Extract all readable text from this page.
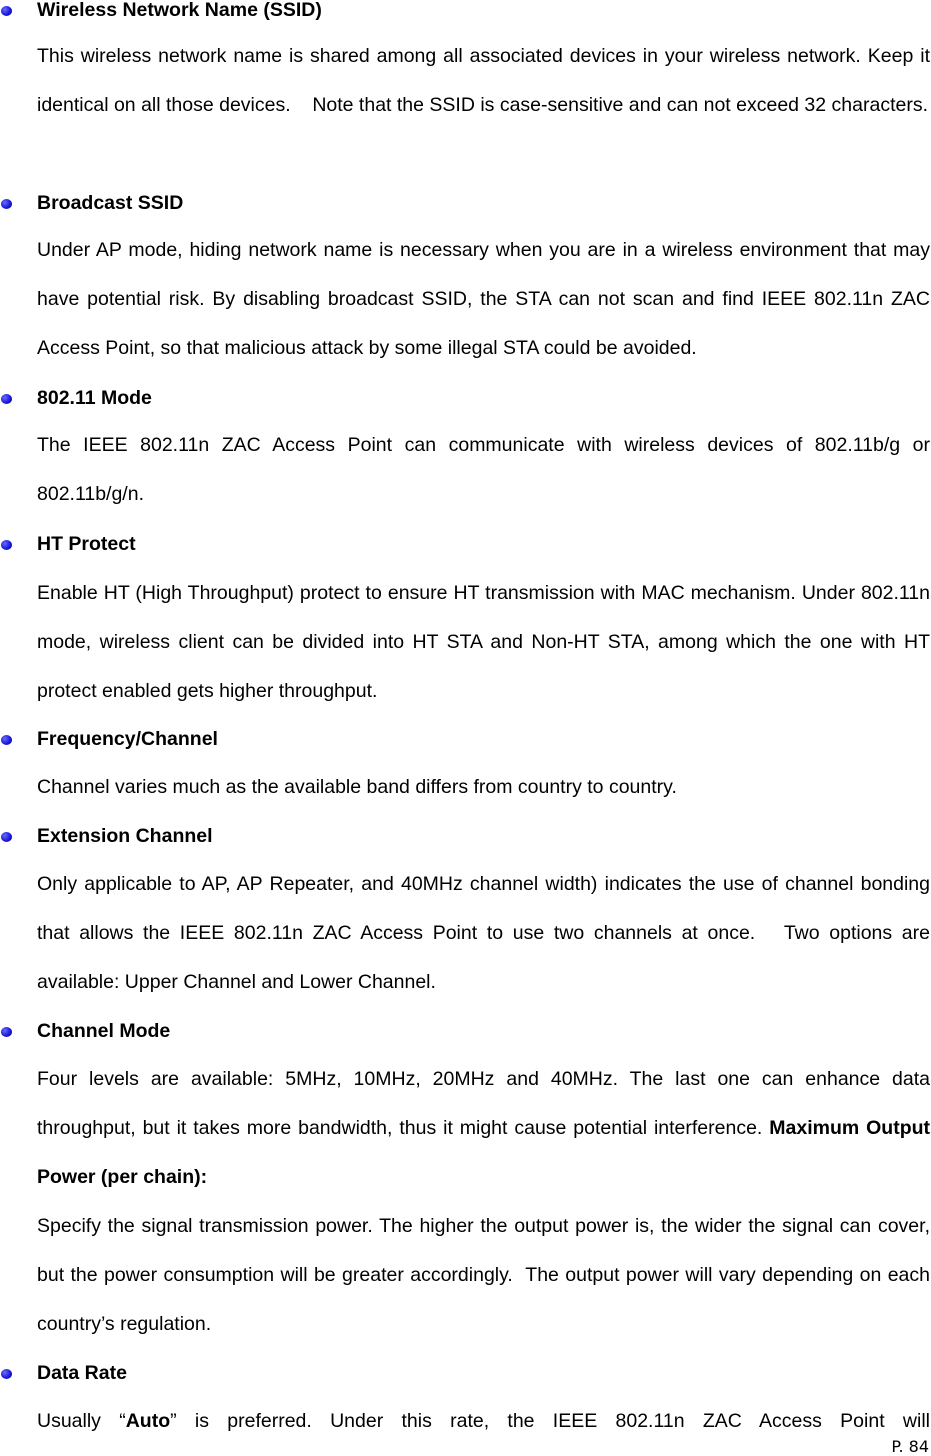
Wireless Network Name (SSID)

This wireless network name is shared among all associated devices in your wireless network. Keep it identical on all those devices.    Note that the SSID is case-sensitive and can not exceed 32 characters.

Broadcast SSID

Under AP mode, hiding network name is necessary when you are in a wireless environment that may have potential risk. By disabling broadcast SSID, the STA can not scan and find IEEE 802.11n ZAC Access Point, so that malicious attack by some illegal STA could be avoided.

802.11 Mode

The IEEE 802.11n ZAC Access Point can communicate with wireless devices of 802.11b/g or 802.11b/g/n.

HT Protect

Enable HT (High Throughput) protect to ensure HT transmission with MAC mechanism. Under 802.11n mode, wireless client can be divided into HT STA and Non-HT STA, among which the one with HT protect enabled gets higher throughput.

Frequency/Channel

Channel varies much as the available band differs from country to country.

Extension Channel

Only applicable to AP, AP Repeater, and 40MHz channel width) indicates the use of channel bonding that allows the IEEE 802.11n ZAC Access Point to use two channels at once.   Two options are available: Upper Channel and Lower Channel.

Channel Mode

Four levels are available: 5MHz, 10MHz, 20MHz and 40MHz. The last one can enhance data throughput, but it takes more bandwidth, thus it might cause potential interference. Maximum Output Power (per chain):

Specify the signal transmission power. The higher the output power is, the wider the signal can cover, but the power consumption will be greater accordingly.  The output power will vary depending on each country’s regulation.

Data Rate

Usually “Auto” is preferred. Under this rate, the IEEE 802.11n ZAC Access Point will

P. 84
